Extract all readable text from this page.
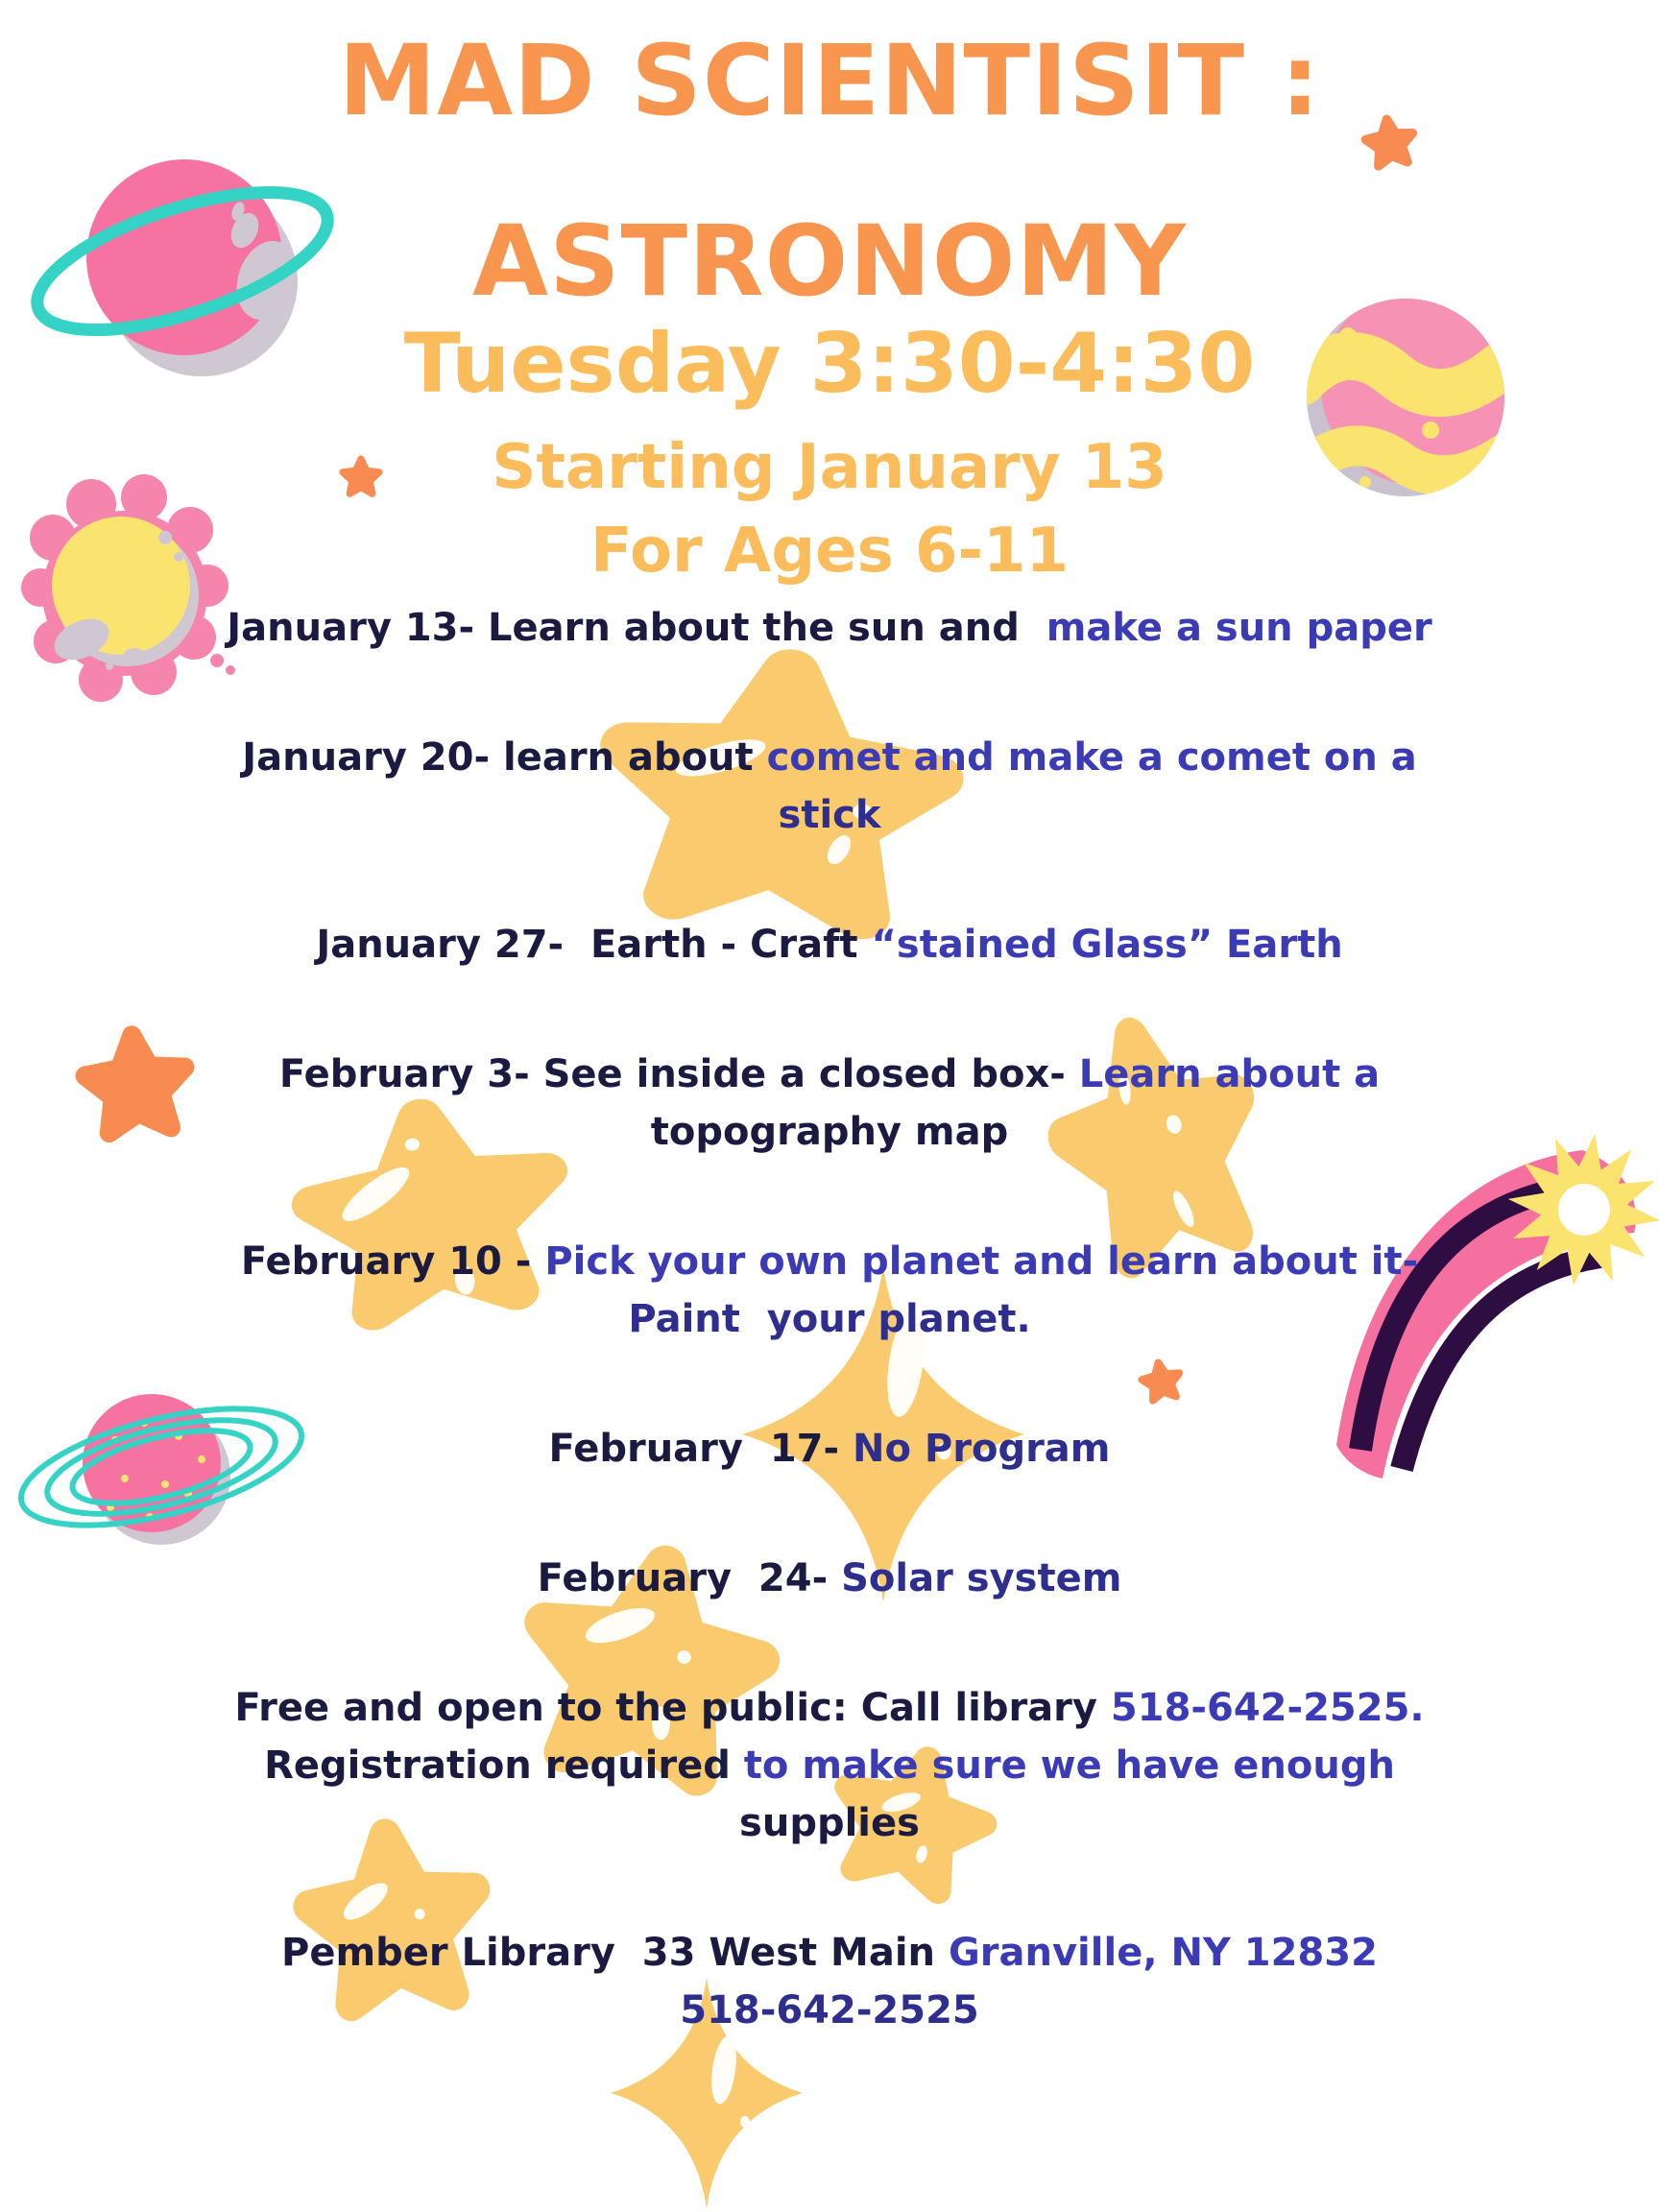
MAD SCIENTISIT :
ASTRONOMY
Tuesday 3:30-4:30
Starting January 13
For Ages 6-11
January 13- Learn about the sun and  make a sun paper
January 20- learn about comet and make a comet on a
stick
January 27-  Earth - Craft “stained Glass” Earth
February 3- See inside a closed box- Learn about a
topography map
February 10 - Pick your own planet and learn about it-
Paint  your planet.
February  17- No Program
February  24- Solar system
Free and open to the public: Call library 518-642-2525.
Registration required to make sure we have enough
supplies
Pember Library  33 West Main Granville, NY 12832
518-642-2525
